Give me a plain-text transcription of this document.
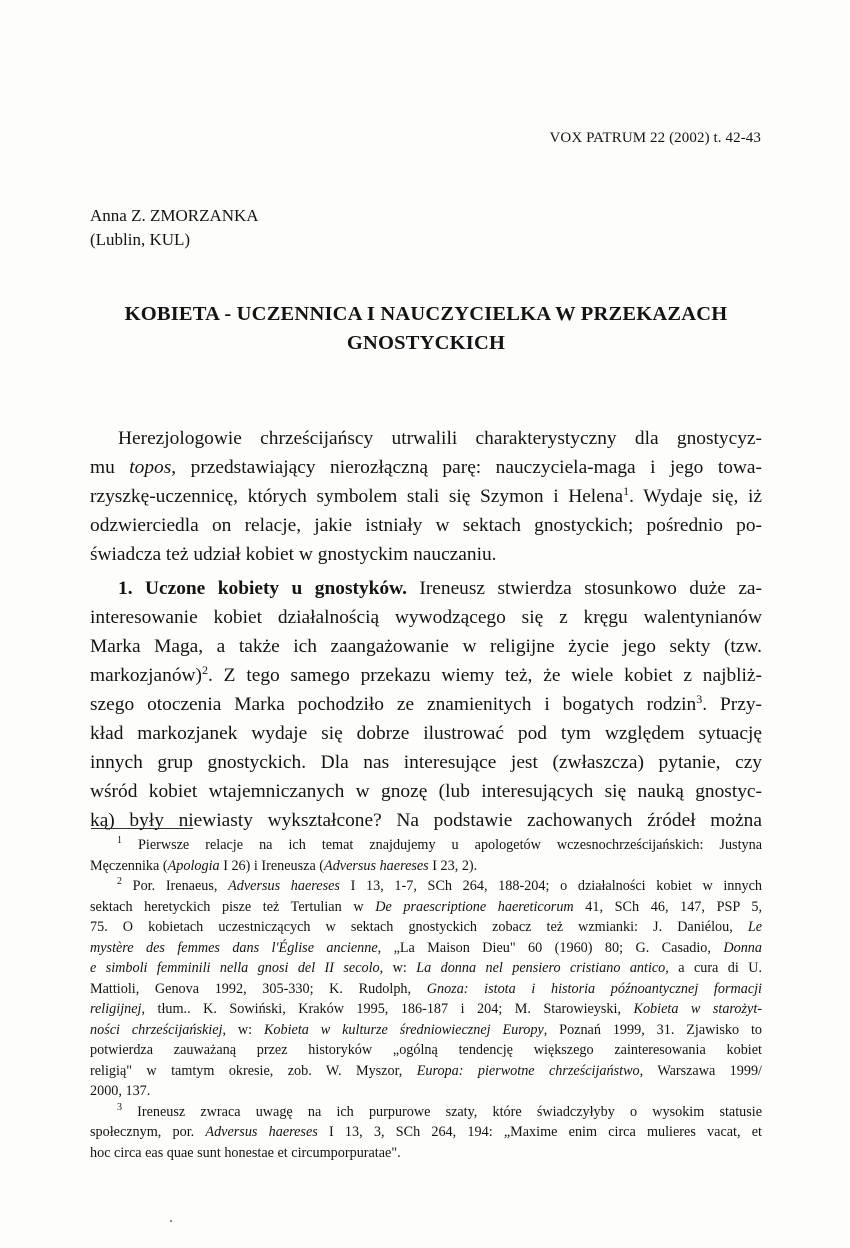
VOX PATRUM 22 (2002) t. 42-43
Anna Z. ZMORZANKA
(Lublin, KUL)
KOBIETA - UCZENNICA I NAUCZYCIELKA W PRZEKAZACH
GNOSTYCKICH
Herezjologowie chrześcijańscy utrwalili charakterystyczny dla gnostycyz-
mu topos, przedstawiający nierozłączną parę: nauczyciela-maga i jego towa-
rzyszkę-uczennicę, których symbolem stali się Szymon i Helena$^1$. Wydaje się, iż
odzwierciedla on relacje, jakie istniały w sektach gnostyckich; pośrednio po-
świadcza też udział kobiet w gnostyckim nauczaniu.
1. Uczone kobiety u gnostyków. Ireneusz stwierdza stosunkowo duże za-
interesowanie kobiet działalnością wywodzącego się z kręgu walentynianów
Marka Maga, a także ich zaangażowanie w religijne życie jego sekty (tzw.
markozjanów)$^2$. Z tego samego przekazu wiemy też, że wiele kobiet z najbliż-
szego otoczenia Marka pochodziło ze znamienitych i bogatych rodzin$^3$. Przy-
kład markozjanek wydaje się dobrze ilustrować pod tym względem sytuację
innych grup gnostyckich. Dla nas interesujące jest (zwłaszcza) pytanie, czy
wśród kobiet wtajemniczanych w gnozę (lub interesujących się nauką gnostyc-
ką) były niewiasty wykształcone? Na podstawie zachowanych źródeł można
$^1$ Pierwsze relacje na ich temat znajdujemy u apologetów wczesnochrześcijańskich: Justyna
Męczennika (Apologia I 26) i Ireneusza (Adversus haereses I 23, 2).
$^2$ Por. Irenaeus, Adversus haereses I 13, 1-7, SCh 264, 188-204; o działalności kobiet w innych
sektach heretyckich pisze też Tertulian w De praescriptione haereticorum 41, SCh 46, 147, PSP 5,
75. O kobietach uczestniczących w sektach gnostyckich zobacz też wzmianki: J. Daniélou, Le
mystère des femmes dans l'Église ancienne, „La Maison Dieu" 60 (1960) 80; G. Casadio, Donna
e simboli femminili nella gnosi del II secolo, w: La donna nel pensiero cristiano antico, a cura di U.
Mattioli, Genova 1992, 305-330; K. Rudolph, Gnoza: istota i historia późnoantycznej formacji
religijnej, tłum.. K. Sowiński, Kraków 1995, 186-187 i 204; M. Starowieyski, Kobieta w starożyt-
ności chrześcijańskiej, w: Kobieta w kulturze średniowiecznej Europy, Poznań 1999, 31. Zjawisko to
potwierdza zauważaną przez historyków „ogólną tendencję większego zainteresowania kobiet
religią" w tamtym okresie, zob. W. Myszor, Europa: pierwotne chrześcijaństwo, Warszawa 1999/
2000, 137.
$^3$ Ireneusz zwraca uwagę na ich purpurowe szaty, które świadczyłyby o wysokim statusie
społecznym, por. Adversus haereses I 13, 3, SCh 264, 194: „Maxime enim circa mulieres vacat, et
hoc circa eas quae sunt honestae et circumporpuratae".
